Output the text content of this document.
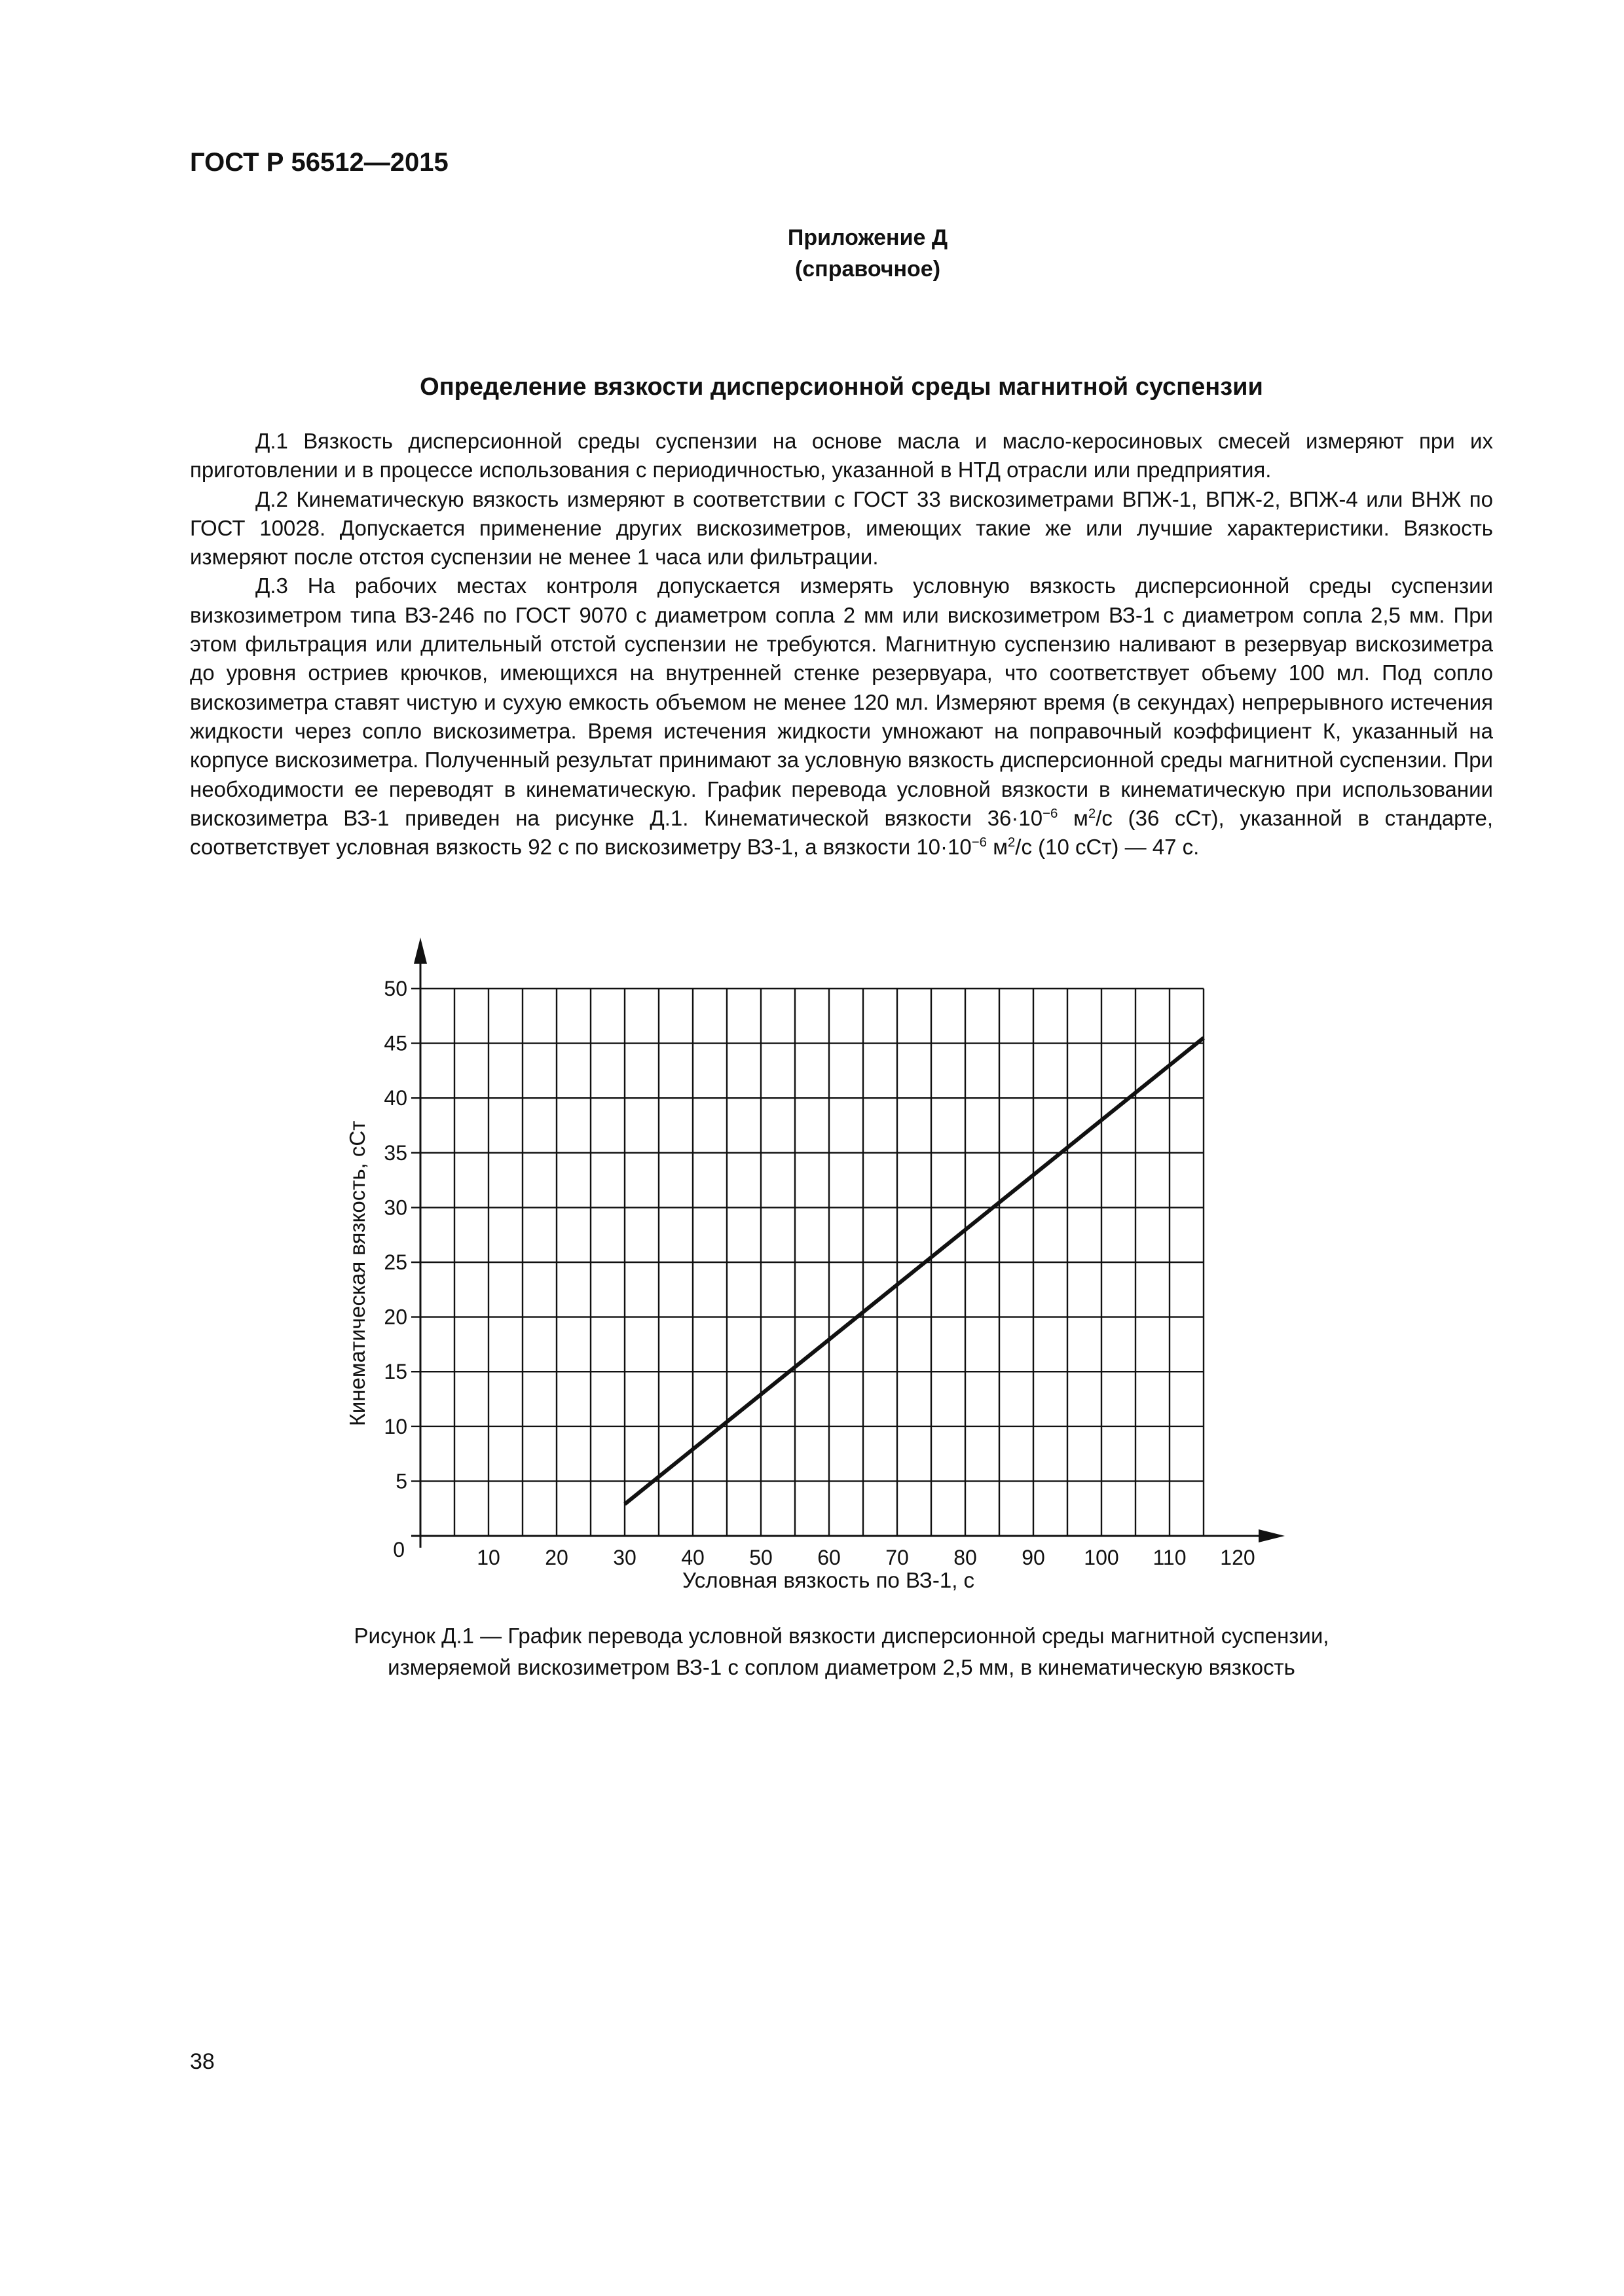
ГОСТ Р 56512—2015
Приложение Д
(справочное)
Определение вязкости дисперсионной среды магнитной суспензии

Д.1 Вязкость дисперсионной среды суспензии на основе масла и масло-керосиновых смесей измеряют при их приготовлении и в процессе использования с периодичностью, указанной в НТД отрасли или предприятия.

Д.2 Кинематическую вязкость измеряют в соответствии с ГОСТ 33 вискозиметрами ВПЖ-1, ВПЖ-2, ВПЖ-4 или ВНЖ по ГОСТ 10028. Допускается применение других вискозиметров, имеющих такие же или лучшие характеристики. Вязкость измеряют после отстоя суспензии не менее 1 часа или фильтрации.

Д.3 На рабочих местах контроля допускается измерять условную вязкость дисперсионной среды суспензии визкозиметром типа ВЗ-246 по ГОСТ 9070 с диаметром сопла 2 мм или вискозиметром ВЗ-1 с диаметром сопла 2,5 мм. При этом фильтрация или длительный отстой суспензии не требуются. Магнитную суспензию наливают в резервуар вискозиметра до уровня остриев крючков, имеющихся на внутренней стенке резервуара, что соответствует объему 100 мл. Под сопло вискозиметра ставят чистую и сухую емкость объемом не менее 120 мл. Измеряют время (в секундах) непрерывного истечения жидкости через сопло вискозиметра. Время истечения жидкости умножают на поправочный коэффициент К, указанный на корпусе вискозиметра. Полученный результат принимают за условную вязкость дисперсионной среды магнитной суспензии. При необходимости ее переводят в кинематическую. График перевода условной вязкости в кинематическую при использовании вискозиметра ВЗ-1 приведен на рисунке Д.1. Кинематической вязкости $36\cdot 10^{-6}$ $м^2/с$ (36 сСт), указанной в стандарте, соответствует условная вязкость 92 с по вискозиметру ВЗ-1, а вязкости $10\cdot 10^{-6}$ $м^2/с$ (10 сСт) — 47 с.

10 20 30 40 50 60 70 80 90 100 110 120
5
10
15
20
25
30
35
40
45
50
0
Условная вязкость по ВЗ-1, с
Кинематическая вязкость, сСт
Рисунок Д.1 — График перевода условной вязкости дисперсионной среды магнитной суспензии,
измеряемой вискозиметром ВЗ-1 с соплом диаметром 2,5 мм, в кинематическую вязкость
38
